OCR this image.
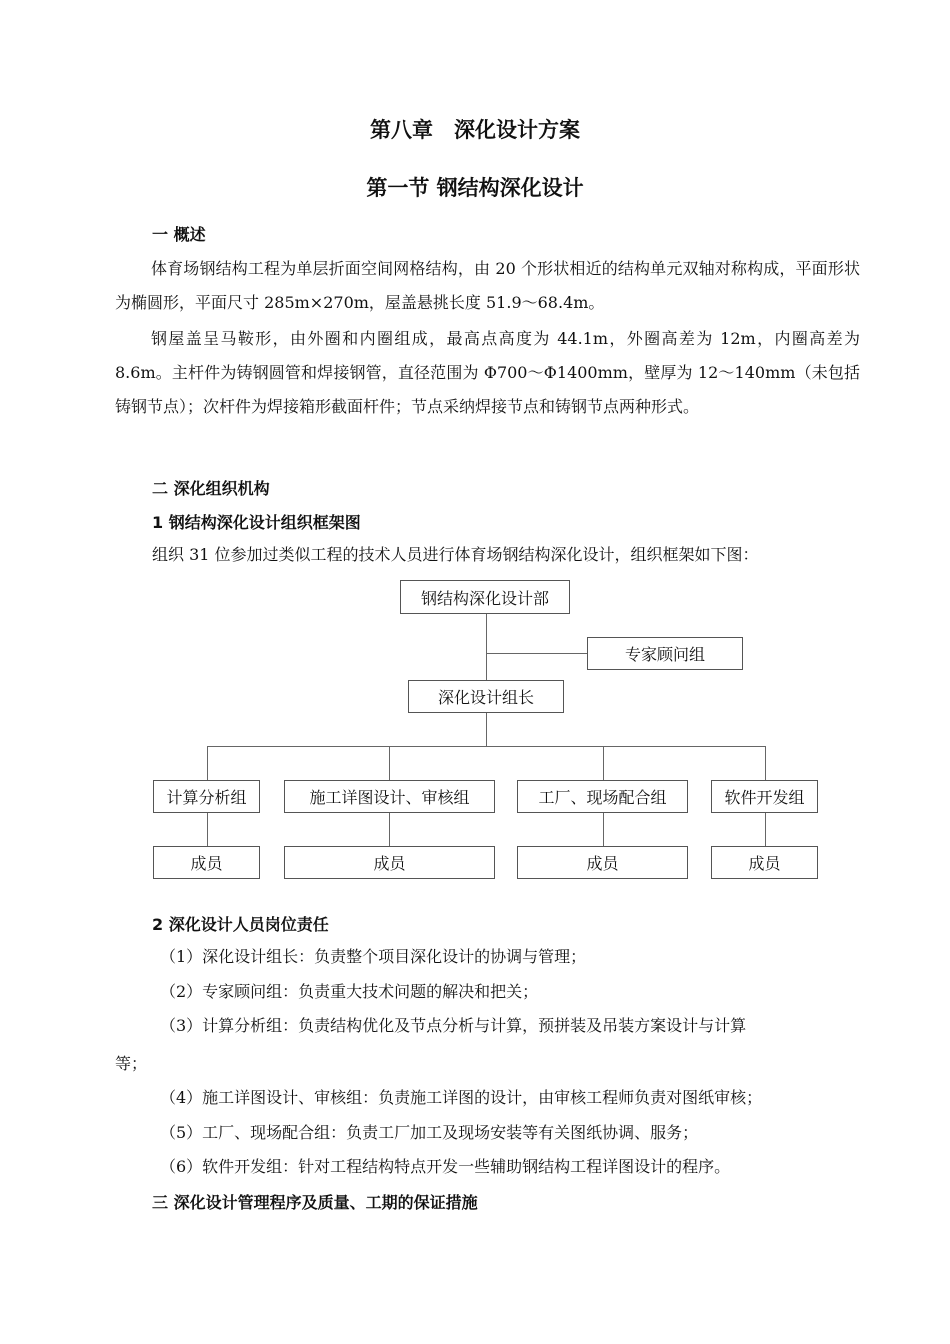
第八章　深化设计方案
第一节 钢结构深化设计
一 概述
体育场钢结构工程为单层折面空间网格结构，由 20 个形状相近的结构单元双轴对称构成，平面形状为椭圆形，平面尺寸 285m×270m，屋盖悬挑长度 51.9～68.4m。
钢屋盖呈马鞍形，由外圈和内圈组成，最高点高度为 44.1m，外圈高差为 12m，内圈高差为 8.6m。主杆件为铸钢圆管和焊接钢管，直径范围为 Φ700～Φ1400mm，壁厚为 12～140mm（未包括铸钢节点）；次杆件为焊接箱形截面杆件；节点采纳焊接节点和铸钢节点两种形式。
二 深化组织机构
1 钢结构深化设计组织框架图
组织 31 位参加过类似工程的技术人员进行体育场钢结构深化设计，组织框架如下图：
钢结构深化设计部
专家顾问组
深化设计组长
计算分析组	施工详图设计、审核组	工厂、现场配合组	软件开发组
成员	成员	成员	成员
2 深化设计人员岗位责任
（1）深化设计组长：负责整个项目深化设计的协调与管理；
（2）专家顾问组：负责重大技术问题的解决和把关；
（3）计算分析组：负责结构优化及节点分析与计算，预拼装及吊装方案设计与计算
等；
（4）施工详图设计、审核组：负责施工详图的设计，由审核工程师负责对图纸审核；
（5）工厂、现场配合组：负责工厂加工及现场安装等有关图纸协调、服务；
（6）软件开发组：针对工程结构特点开发一些辅助钢结构工程详图设计的程序。
三 深化设计管理程序及质量、工期的保证措施
